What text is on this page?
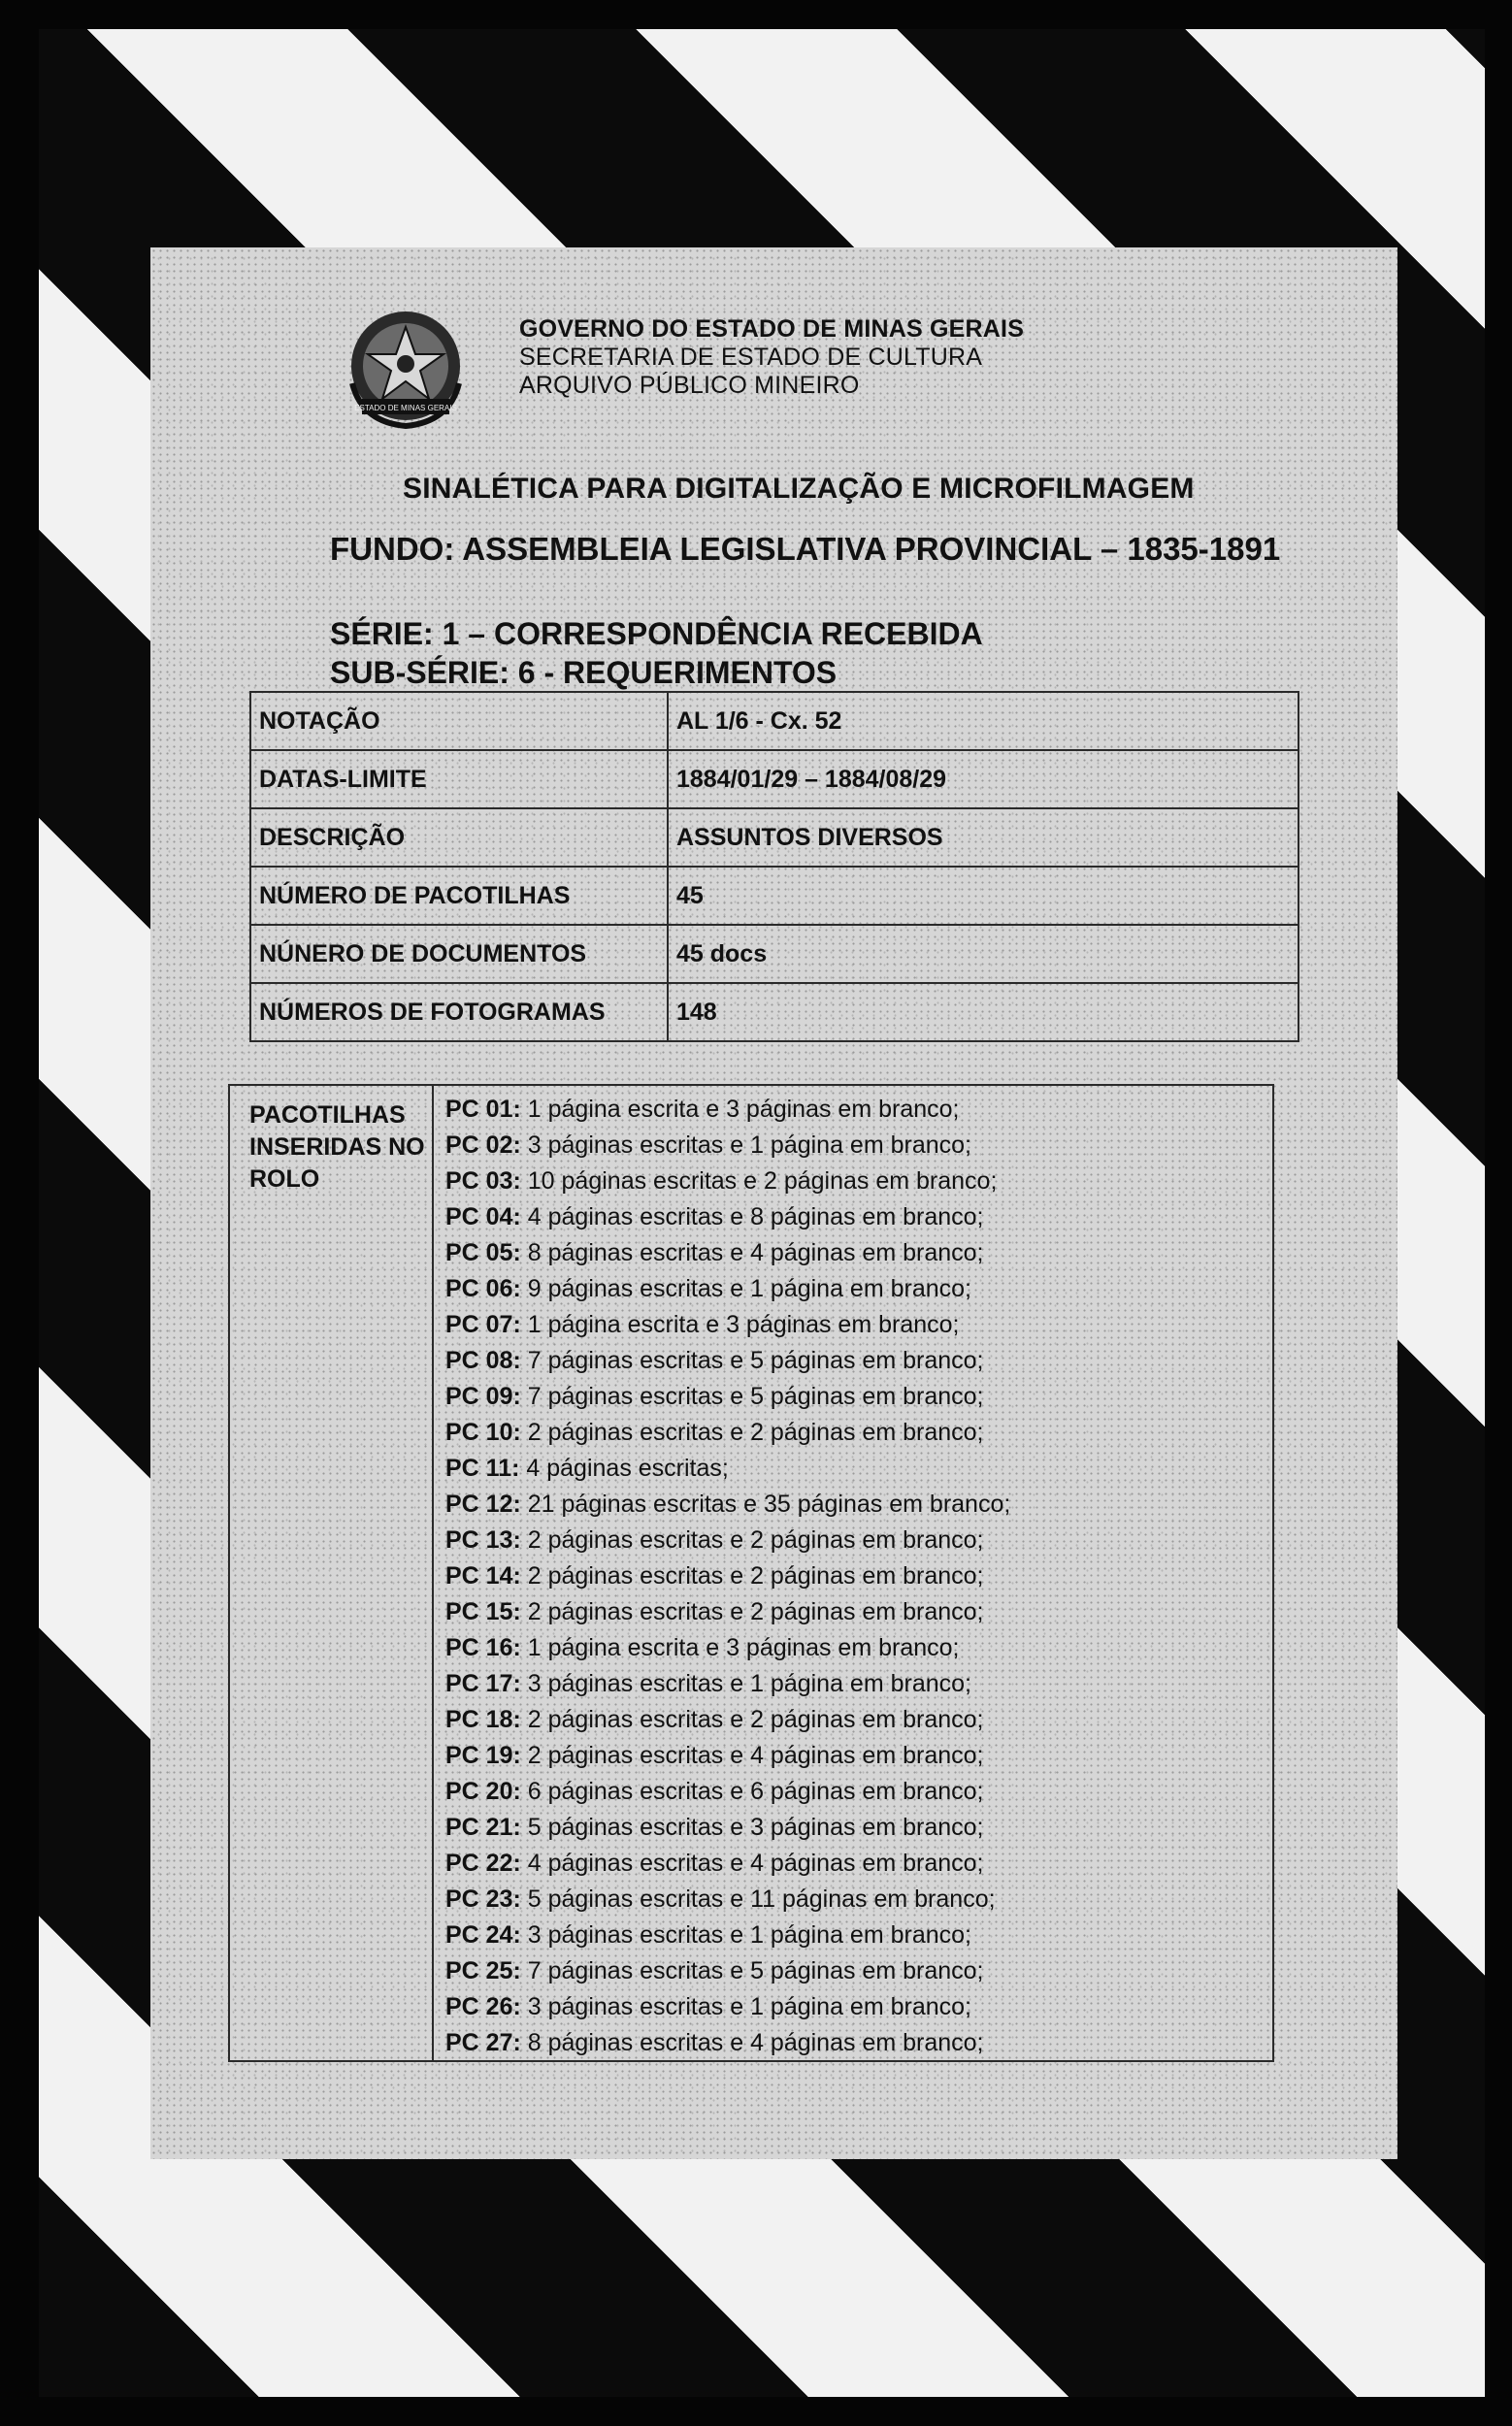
ESTADO DE MINAS GERAIS
GOVERNO DO ESTADO DE MINAS GERAIS
SECRETARIA DE ESTADO DE CULTURA
ARQUIVO PÚBLICO MINEIRO
SINALÉTICA PARA DIGITALIZAÇÃO E MICROFILMAGEM
FUNDO: ASSEMBLEIA LEGISLATIVA PROVINCIAL – 1835-1891
SÉRIE: 1 – CORRESPONDÊNCIA RECEBIDA
SUB-SÉRIE: 6 - REQUERIMENTOS
NOTAÇÃO	AL 1/6 - Cx. 52
DATAS-LIMITE	1884/01/29 – 1884/08/29
DESCRIÇÃO	ASSUNTOS DIVERSOS
NÚMERO DE PACOTILHAS	45
NÚNERO DE DOCUMENTOS	45 docs
NÚMEROS DE FOTOGRAMAS	148
PACOTILHAS INSERIDAS NO ROLO
PC 01: 1 página escrita e 3 páginas em branco;
PC 02: 3 páginas escritas e 1 página em branco;
PC 03: 10 páginas escritas e 2 páginas em branco;
PC 04: 4 páginas escritas e 8 páginas em branco;
PC 05: 8 páginas escritas e 4 páginas em branco;
PC 06: 9 páginas escritas e 1 página em branco;
PC 07: 1 página escrita e 3 páginas em branco;
PC 08: 7 páginas escritas e 5 páginas em branco;
PC 09: 7 páginas escritas e 5 páginas em branco;
PC 10: 2 páginas escritas e 2 páginas em branco;
PC 11: 4 páginas escritas;
PC 12: 21 páginas escritas e 35 páginas em branco;
PC 13: 2 páginas escritas e 2 páginas em branco;
PC 14: 2 páginas escritas e 2 páginas em branco;
PC 15: 2 páginas escritas e 2 páginas em branco;
PC 16: 1 página escrita e 3 páginas em branco;
PC 17: 3 páginas escritas e 1 página em branco;
PC 18: 2 páginas escritas e 2 páginas em branco;
PC 19: 2 páginas escritas e 4 páginas em branco;
PC 20: 6 páginas escritas e 6 páginas em branco;
PC 21: 5 páginas escritas e 3 páginas em branco;
PC 22: 4 páginas escritas e 4 páginas em branco;
PC 23: 5 páginas escritas e 11 páginas em branco;
PC 24: 3 páginas escritas e 1 página em branco;
PC 25: 7 páginas escritas e 5 páginas em branco;
PC 26: 3 páginas escritas e 1 página em branco;
PC 27: 8 páginas escritas e 4 páginas em branco;
